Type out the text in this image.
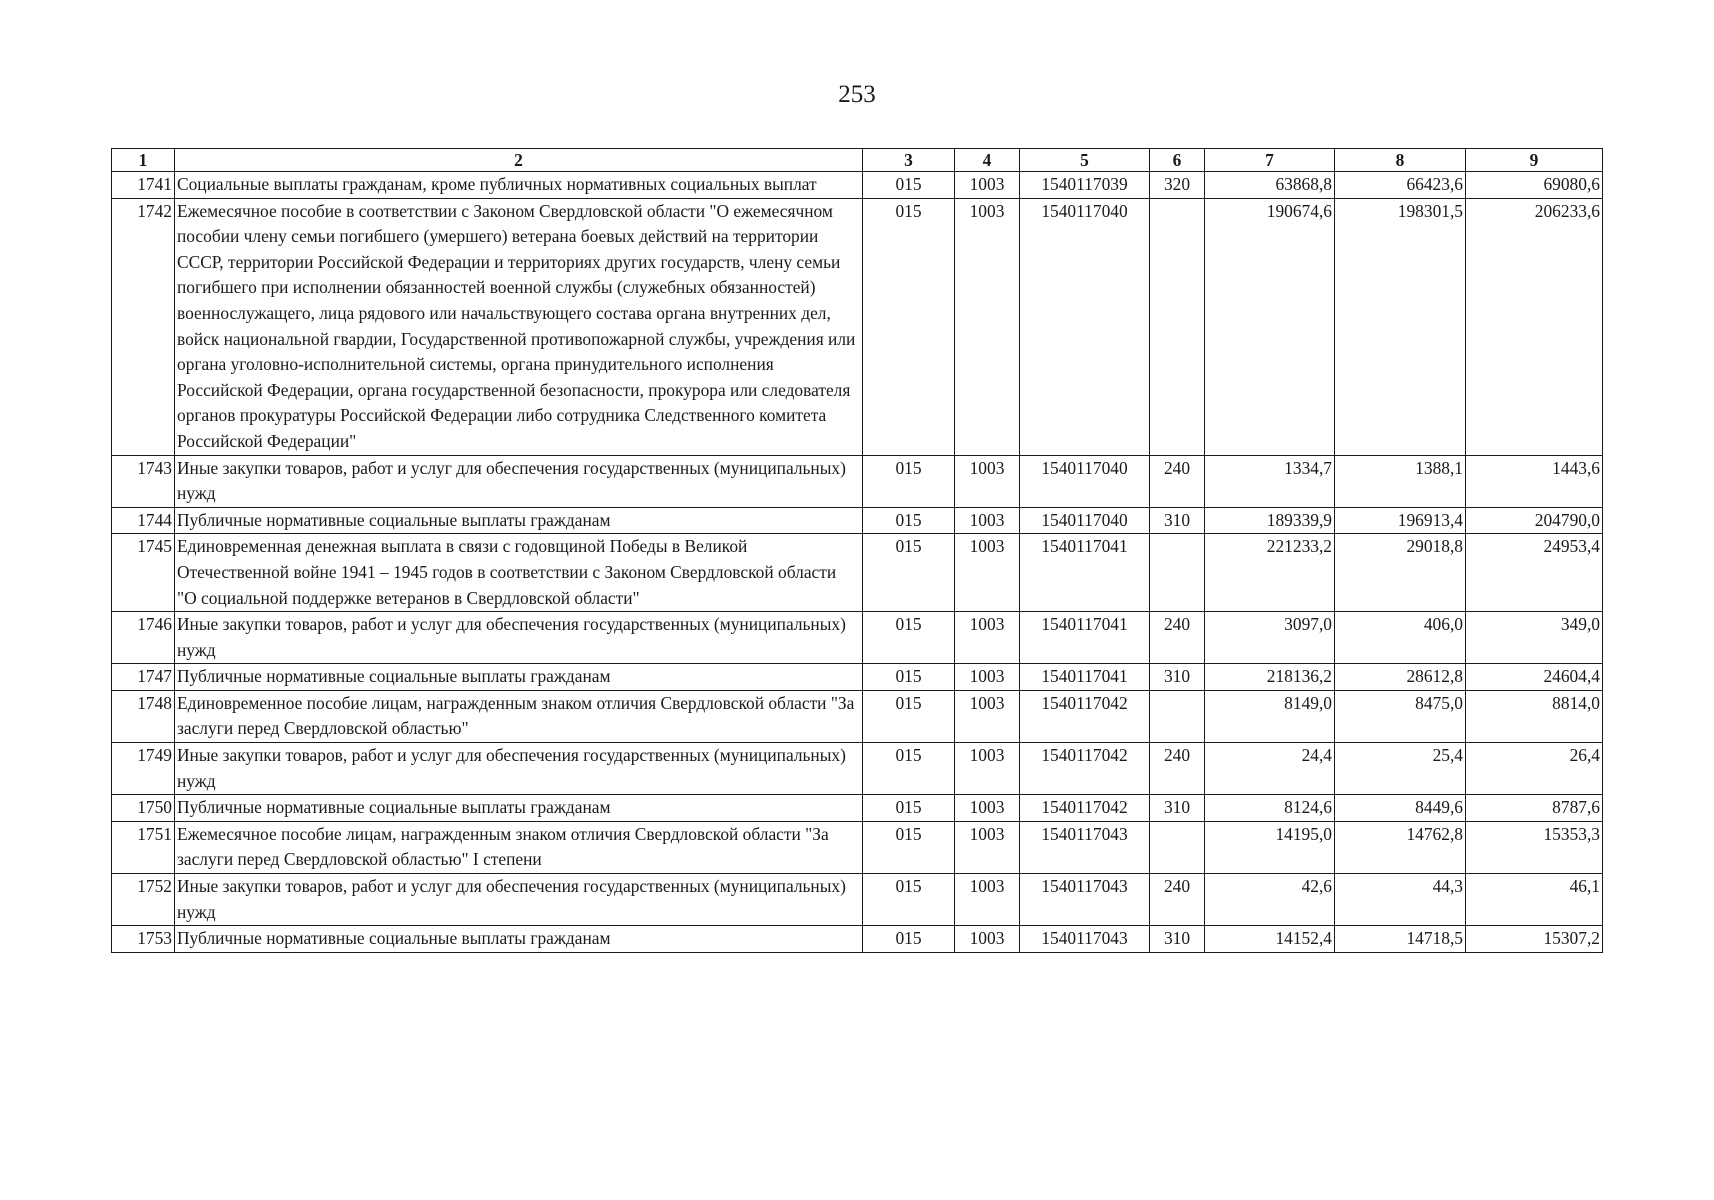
253
1	2	3	4	5	6	7	8	9
1741	Социальные выплаты гражданам, кроме публичных нормативных социальных выплат	015	1003	1540117039	320	63868,8	66423,6	69080,6
1742	Ежемесячное пособие в соответствии с Законом Свердловской области "О ежемесячном пособии члену семьи погибшего (умершего) ветерана боевых действий на территории СССР, территории Российской Федерации и территориях других государств, члену семьи погибшего при исполнении обязанностей военной службы (служебных обязанностей) военнослужащего, лица рядового или начальствующего состава органа внутренних дел, войск национальной гвардии, Государственной противопожарной службы, учреждения или органа уголовно-исполнительной системы, органа принудительного исполнения Российской Федерации, органа государственной безопасности, прокурора или следователя органов прокуратуры Российской Федерации либо сотрудника Следственного комитета Российской Федерации"	015	1003	1540117040		190674,6	198301,5	206233,6
1743	Иные закупки товаров, работ и услуг для обеспечения государственных (муниципальных) нужд	015	1003	1540117040	240	1334,7	1388,1	1443,6
1744	Публичные нормативные социальные выплаты гражданам	015	1003	1540117040	310	189339,9	196913,4	204790,0
1745	Единовременная денежная выплата в связи с годовщиной Победы в Великой Отечественной войне 1941 – 1945 годов в соответствии с Законом Свердловской области "О социальной поддержке ветеранов в Свердловской области"	015	1003	1540117041		221233,2	29018,8	24953,4
1746	Иные закупки товаров, работ и услуг для обеспечения государственных (муниципальных) нужд	015	1003	1540117041	240	3097,0	406,0	349,0
1747	Публичные нормативные социальные выплаты гражданам	015	1003	1540117041	310	218136,2	28612,8	24604,4
1748	Единовременное пособие лицам, награжденным знаком отличия Свердловской области "За заслуги перед Свердловской областью"	015	1003	1540117042		8149,0	8475,0	8814,0
1749	Иные закупки товаров, работ и услуг для обеспечения государственных (муниципальных) нужд	015	1003	1540117042	240	24,4	25,4	26,4
1750	Публичные нормативные социальные выплаты гражданам	015	1003	1540117042	310	8124,6	8449,6	8787,6
1751	Ежемесячное пособие лицам, награжденным знаком отличия Свердловской области "За заслуги перед Свердловской областью" I степени	015	1003	1540117043		14195,0	14762,8	15353,3
1752	Иные закупки товаров, работ и услуг для обеспечения государственных (муниципальных) нужд	015	1003	1540117043	240	42,6	44,3	46,1
1753	Публичные нормативные социальные выплаты гражданам	015	1003	1540117043	310	14152,4	14718,5	15307,2
